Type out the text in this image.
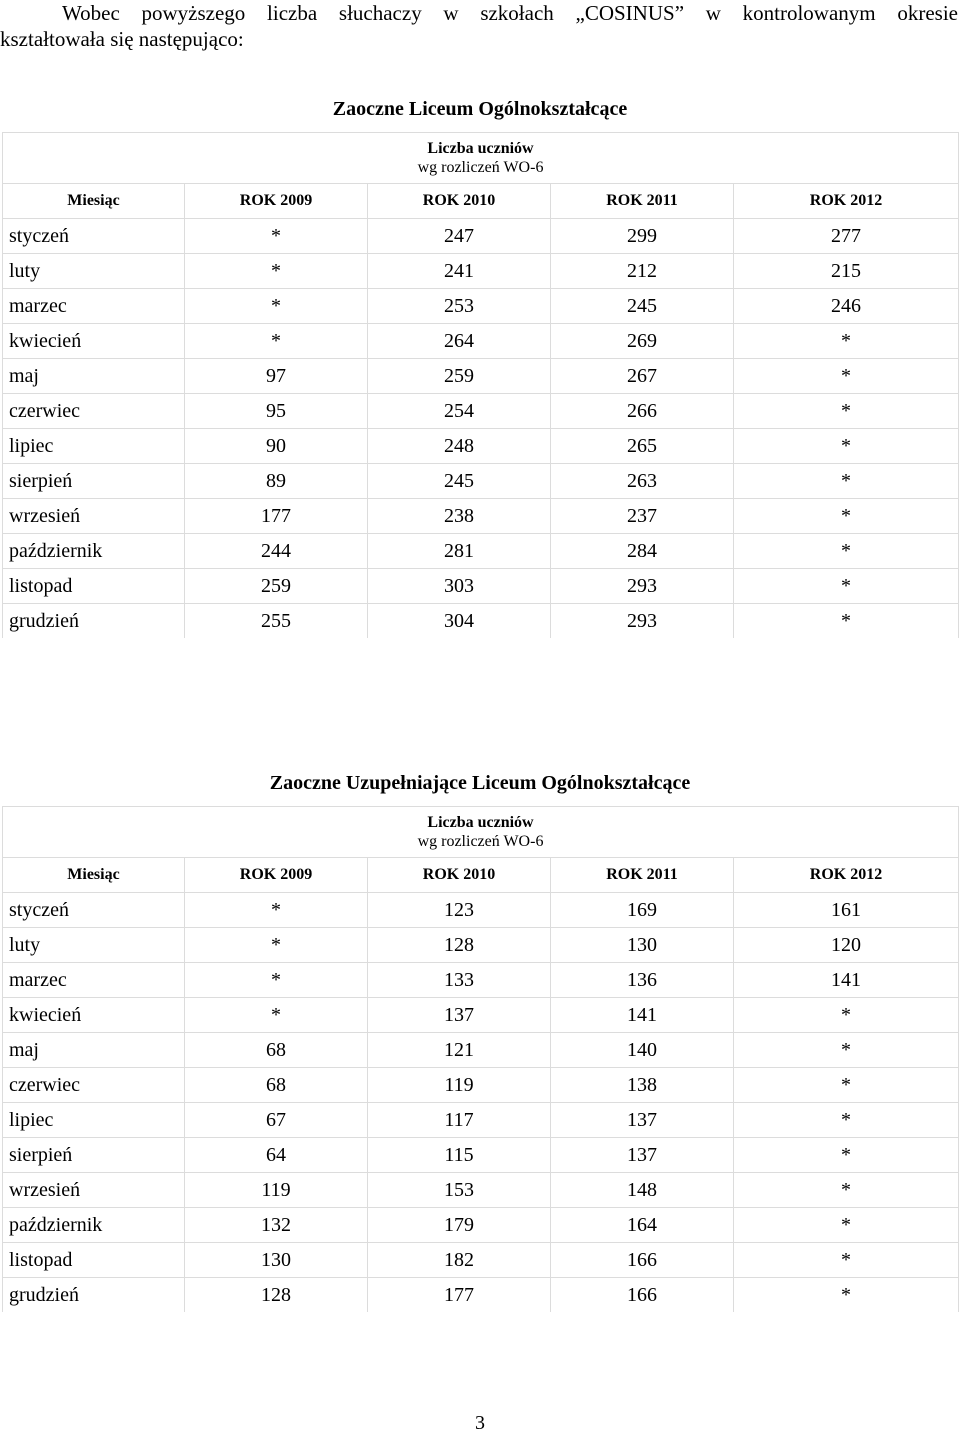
Wobec powyższego liczba słuchaczy w szkołach „COSINUS” w kontrolowanym okresie
kształtowała się następująco:
Zaoczne Liceum Ogólnokształcące
Liczba uczniów
wg rozliczeń WO-6				

Miesiąc	ROK 2009	ROK 2010	ROK 2011	ROK 2012
styczeń	*	247	299	277
luty	*	241	212	215
marzec	*	253	245	246
kwiecień	*	264	269	*
maj	97	259	267	*
czerwiec	95	254	266	*
lipiec	90	248	265	*
sierpień	89	245	263	*
wrzesień	177	238	237	*
październik	244	281	284	*
listopad	259	303	293	*
grudzień	255	304	293	*
Zaoczne Uzupełniające Liceum Ogólnokształcące
Liczba uczniów
wg rozliczeń WO-6				

Miesiąc	ROK 2009	ROK 2010	ROK 2011	ROK 2012
styczeń	*	123	169	161
luty	*	128	130	120
marzec	*	133	136	141
kwiecień	*	137	141	*
maj	68	121	140	*
czerwiec	68	119	138	*
lipiec	67	117	137	*
sierpień	64	115	137	*
wrzesień	119	153	148	*
październik	132	179	164	*
listopad	130	182	166	*
grudzień	128	177	166	*
3
